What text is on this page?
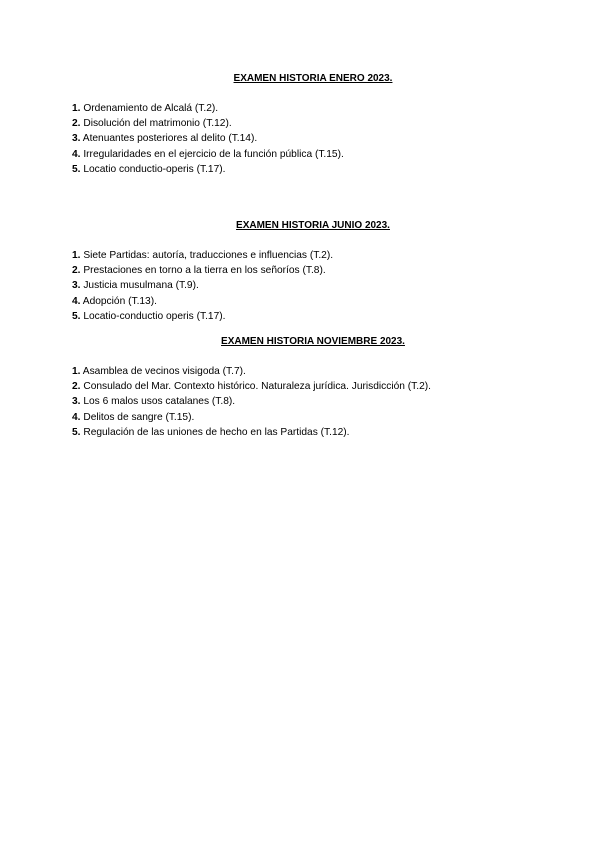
EXAMEN HISTORIA ENERO 2023.
1. Ordenamiento de Alcalá (T.2).
2. Disolución del matrimonio (T.12).
3. Atenuantes posteriores al delito (T.14).
4. Irregularidades en el ejercicio de la función pública (T.15).
5. Locatio conductio-operis (T.17).
EXAMEN HISTORIA JUNIO 2023.
1. Siete Partidas: autoría, traducciones e influencias (T.2).
2. Prestaciones en torno a la tierra en los señoríos (T.8).
3. Justicia musulmana (T.9).
4. Adopción (T.13).
5. Locatio-conductio operis (T.17).
EXAMEN HISTORIA NOVIEMBRE 2023.
1. Asamblea de vecinos visigoda (T.7).
2. Consulado del Mar. Contexto histórico. Naturaleza jurídica. Jurisdicción (T.2).
3. Los 6 malos usos catalanes (T.8).
4. Delitos de sangre (T.15).
5. Regulación de las uniones de hecho en las Partidas (T.12).
